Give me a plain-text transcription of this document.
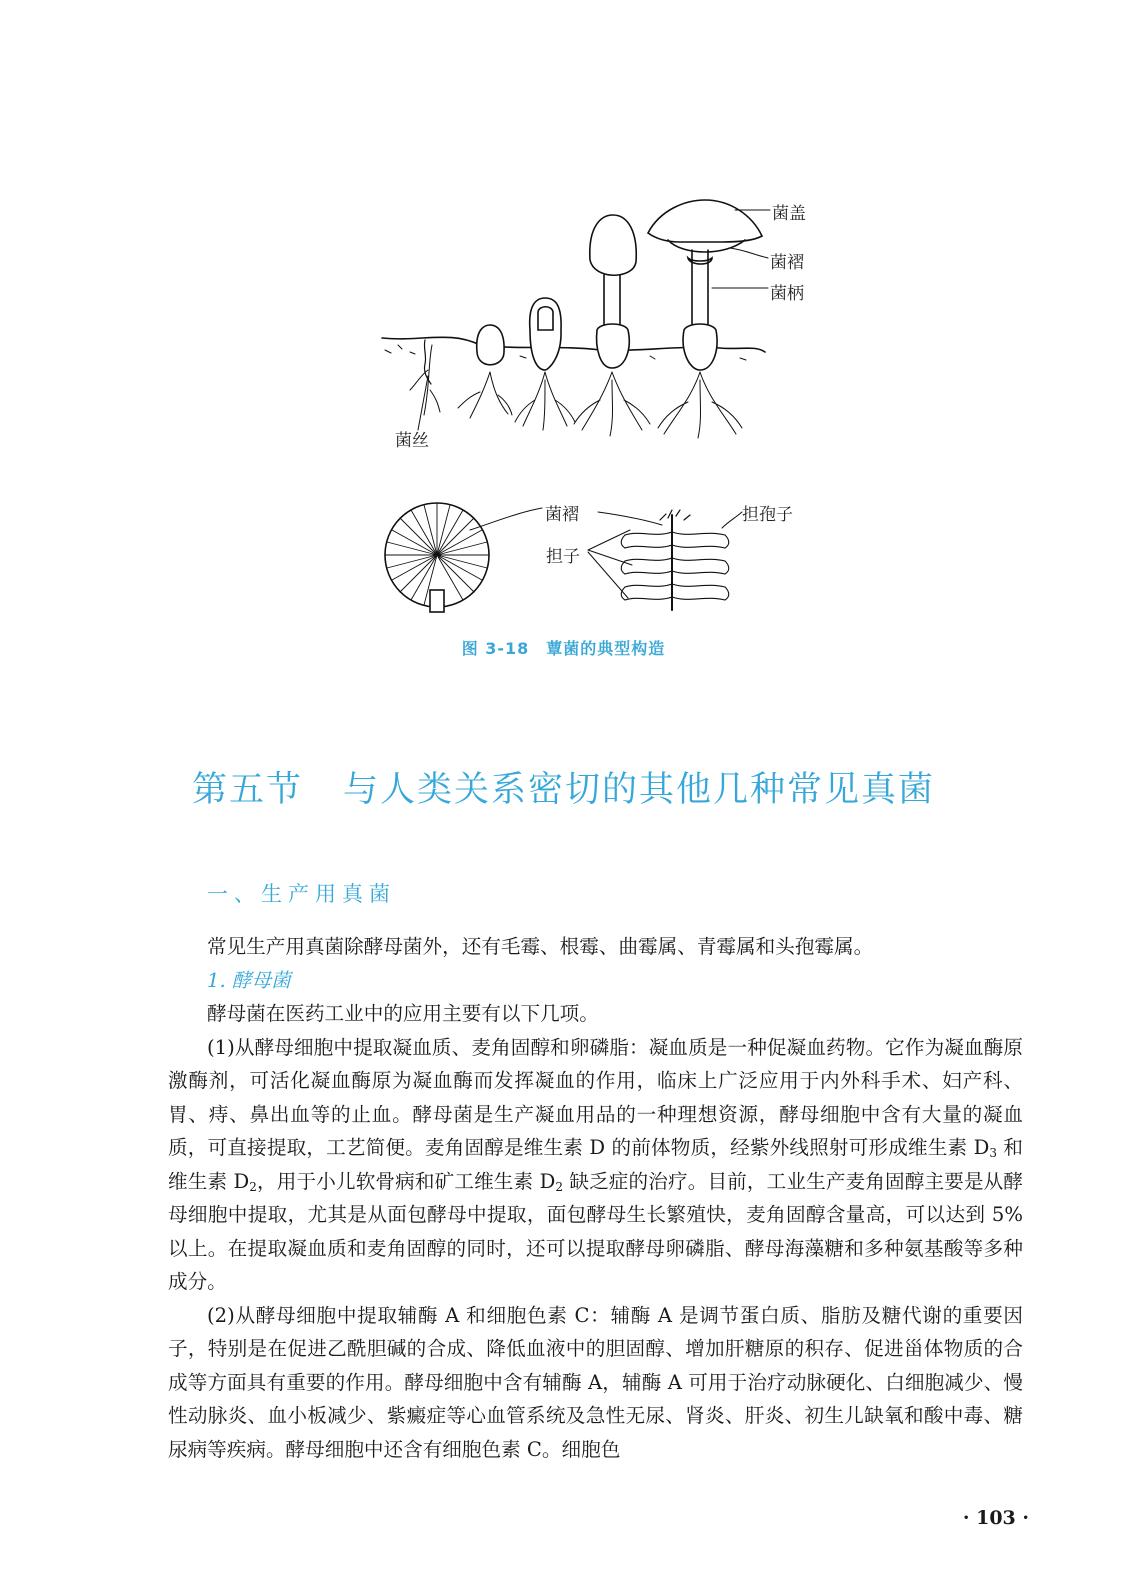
菌盖
菌褶
菌柄
菌丝
菌褶	担孢子
担子
图 3-18　蕈菌的典型构造
第五节 与人类关系密切的其他几种常见真菌
一、生产用真菌

常见生产用真菌除酵母菌外，还有毛霉、根霉、曲霉属、青霉属和头孢霉属。

1. 酵母菌

酵母菌在医药工业中的应用主要有以下几项。

(1)从酵母细胞中提取凝血质、麦角固醇和卵磷脂：凝血质是一种促凝血药物。它作为凝血酶原激酶剂，可活化凝血酶原为凝血酶而发挥凝血的作用，临床上广泛应用于内外科手术、妇产科、胃、痔、鼻出血等的止血。酵母菌是生产凝血用品的一种理想资源，酵母细胞中含有大量的凝血质，可直接提取，工艺简便。麦角固醇是维生素 D 的前体物质，经紫外线照射可形成维生素 $D_3$ 和维生素 $D_2$，用于小儿软骨病和矿工维生素 $D_2$ 缺乏症的治疗。目前，工业生产麦角固醇主要是从酵母细胞中提取，尤其是从面包酵母中提取，面包酵母生长繁殖快，麦角固醇含量高，可以达到 5% 以上。在提取凝血质和麦角固醇的同时，还可以提取酵母卵磷脂、酵母海藻糖和多种氨基酸等多种成分。

(2)从酵母细胞中提取辅酶 A 和细胞色素 C：辅酶 A 是调节蛋白质、脂肪及糖代谢的重要因子，特别是在促进乙酰胆碱的合成、降低血液中的胆固醇、增加肝糖原的积存、促进甾体物质的合成等方面具有重要的作用。酵母细胞中含有辅酶 A，辅酶 A 可用于治疗动脉硬化、白细胞减少、慢性动脉炎、血小板减少、紫癜症等心血管系统及急性无尿、肾炎、肝炎、初生儿缺氧和酸中毒、糖尿病等疾病。酵母细胞中还含有细胞色素 C。细胞色

· 103 ·
